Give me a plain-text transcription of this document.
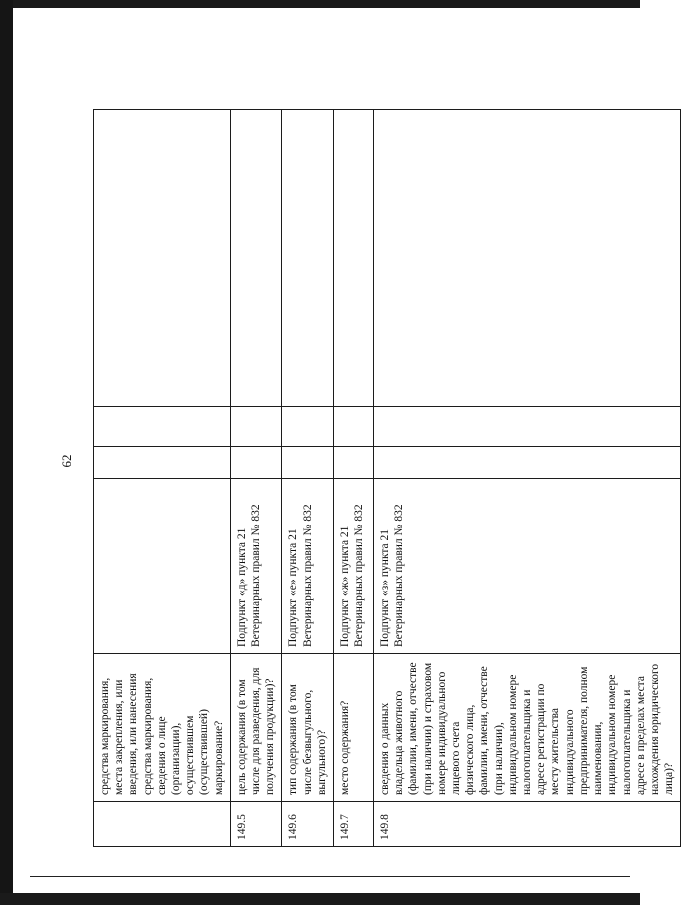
62
	средства маркирования, места закрепления, или введения, или нанесения средства маркирования, сведения о лице (организации), осуществившем (осуществившей) маркирование?				
149.5	цель содержания (в том числе для разведения, для получения продукции)?	Подпункт «д» пункта 21 Ветеринарных правил № 832			
149.6	тип содержания (в том числе безвыгульного, выгульного)?	Подпункт «е» пункта 21 Ветеринарных правил № 832			
149.7	место содержания?	Подпункт «ж» пункта 21 Ветеринарных правил № 832			
149.8	сведения о данных владельца животного (фамилии, имени, отчестве (при наличии) и страховом номере индивидуального лицевого счета физического лица, фамилии, имени, отчестве (при наличии), индивидуальном номере налогоплательщика и адресе регистрации по месту жительства индивидуального предпринимателя, полном наименовании, индивидуальном номере налогоплательщика и адресе в пределах места нахождения юридического лица)?	Подпункт «з» пункта 21 Ветеринарных правил № 832			
